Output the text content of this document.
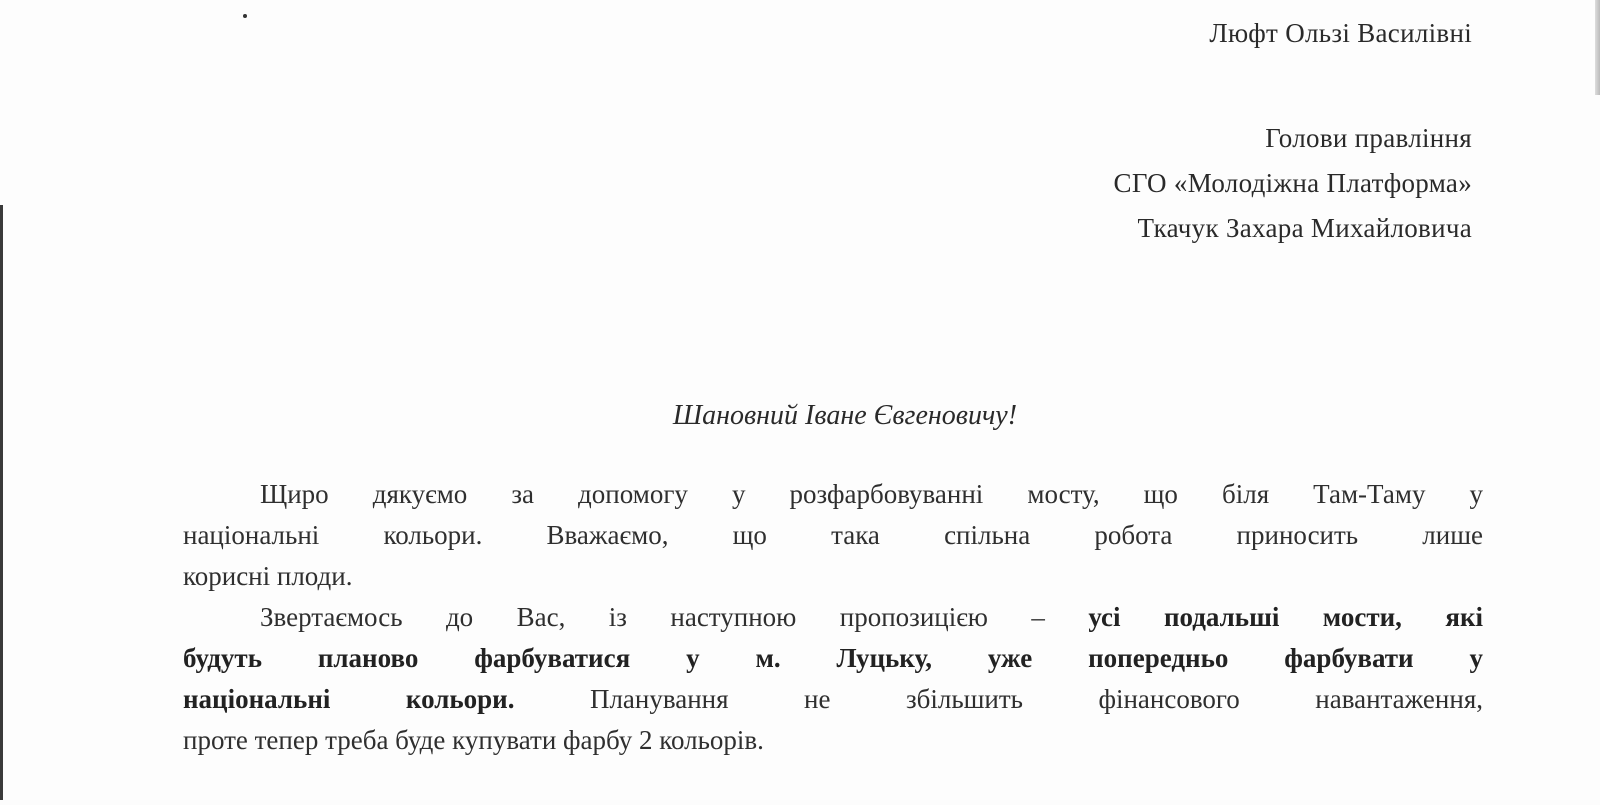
Люфт Ользі Василівні
Голови правління
СГО «Молодіжна Платформа»
Ткачук Захара Михайловича
Шановний Іване Євгеновичу!
Щиро дякуємо за допомогу у розфарбовуванні мосту, що біля Там-Таму у
національні кольори. Вважаємо, що така спільна робота приносить лише
корисні плоди.
Звертаємось до Вас, із наступною пропозицією – усі подальші мости, які
будуть планово фарбуватися у м. Луцьку, уже попередньо фарбувати у
національні кольори.	Планування не збільшить фінансового навантаження,
проте тепер треба буде купувати фарбу 2 кольорів.
